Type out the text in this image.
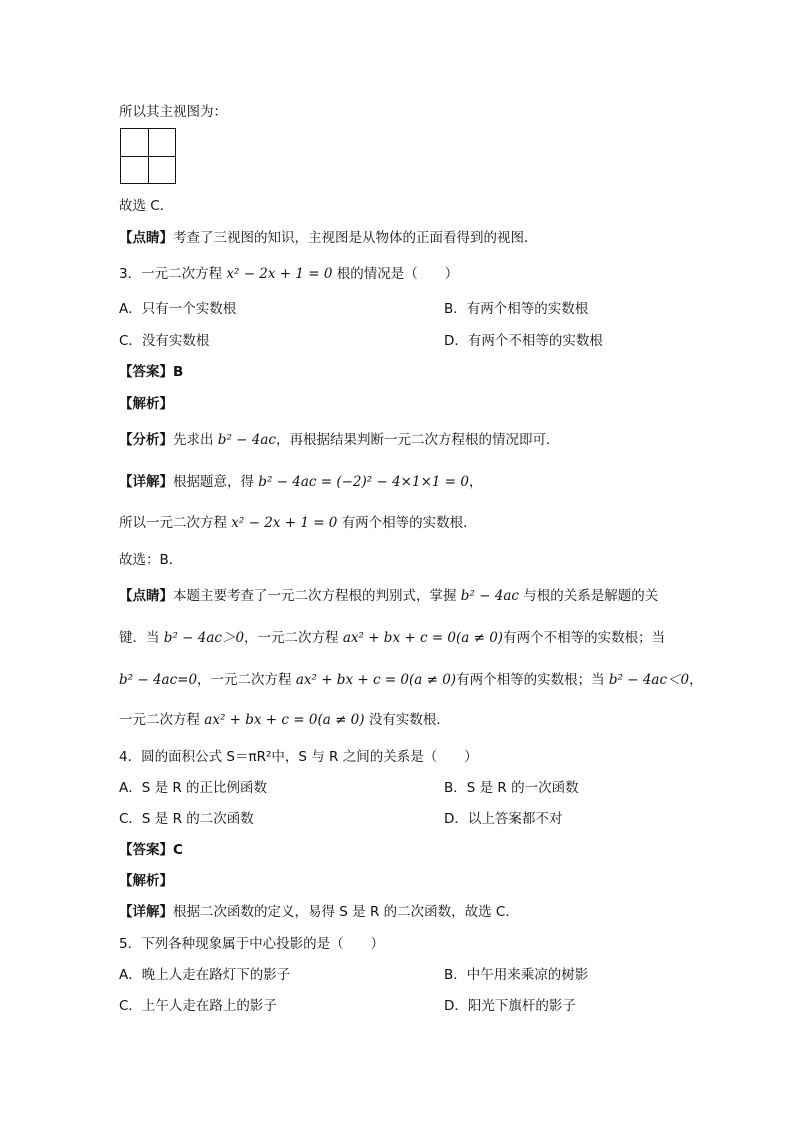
所以其主视图为：
故选 C．
【点睛】考查了三视图的知识，主视图是从物体的正面看得到的视图．
3．一元二次方程 x² − 2x + 1 = 0 根的情况是（　　）
A．只有一个实数根	B．有两个相等的实数根
C．没有实数根	D．有两个不相等的实数根
【答案】B
【解析】
【分析】先求出 b² − 4ac，再根据结果判断一元二次方程根的情况即可．
【详解】根据题意，得 b² − 4ac = (−2)² − 4×1×1 = 0，
所以一元二次方程 x² − 2x + 1 = 0 有两个相等的实数根．
故选：B．
【点睛】本题主要考查了一元二次方程根的判别式，掌握 b² − 4ac 与根的关系是解题的关
键．当 b² − 4ac＞0，一元二次方程 ax² + bx + c = 0(a ≠ 0)有两个不相等的实数根；当
b² − 4ac=0，一元二次方程 ax² + bx + c = 0(a ≠ 0)有两个相等的实数根；当 b² − 4ac＜0，
一元二次方程 ax² + bx + c = 0(a ≠ 0) 没有实数根．
4．圆的面积公式 S＝πR²中，S 与 R 之间的关系是（　　）
A．S 是 R 的正比例函数	B．S 是 R 的一次函数
C．S 是 R 的二次函数	D．以上答案都不对
【答案】C
【解析】
【详解】根据二次函数的定义，易得 S 是 R 的二次函数，故选 C．
5．下列各种现象属于中心投影的是（　　）
A．晚上人走在路灯下的影子	B．中午用来乘凉的树影
C．上午人走在路上的影子	D．阳光下旗杆的影子
